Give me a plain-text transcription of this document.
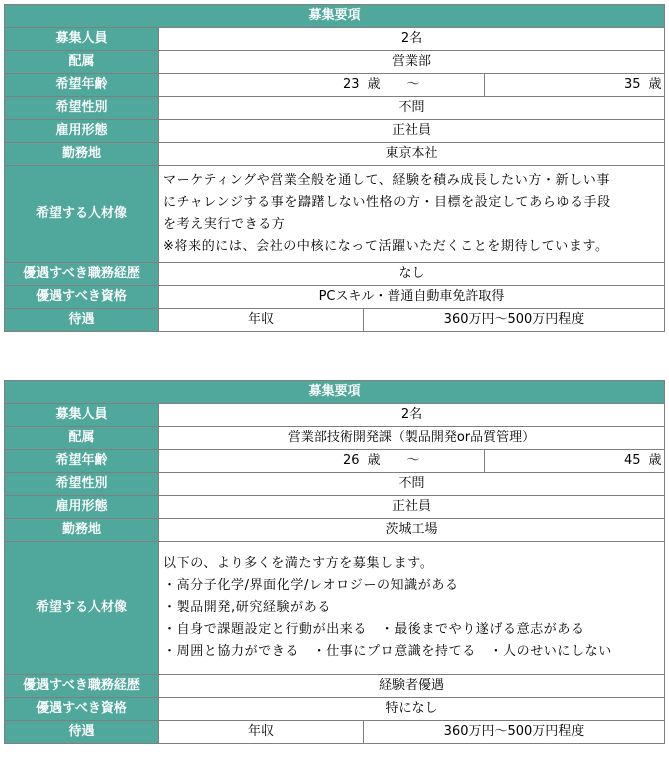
募集要項				
募集人員	2名			
配属	営業部			
希望年齢	23	歳 ～	35	歳
希望性別	不問			
雇用形態	正社員			
勤務地	東京本社			
希望する人材像	マーケティングや営業全般を通して、経験を積み成長したい方・新しい事
にチャレンジする事を躊躇しない性格の方・目標を設定してあらゆる手段
を考え実行できる方
※将来的には、会社の中核になって活躍いただくことを期待しています。			

優遇すべき職務経歴	なし			
優遇すべき資格	PCスキル・普通自動車免許取得			
待遇	年収	360万円～500万円程度		
募集要項				
募集人員	2名			
配属	営業部技術開発課（製品開発or品質管理）			
希望年齢	26	歳 ～	45	歳
希望性別	不問			
雇用形態	正社員			
勤務地	茨城工場			
希望する人材像	以下の、より多くを満たす方を募集します。
・高分子化学/界面化学/レオロジーの知識がある
・製品開発,研究経験がある
・自身で課題設定と行動が出来る　・最後までやり遂げる意志がある
・周囲と協力ができる　・仕事にプロ意識を持てる　・人のせいにしない			

優遇すべき職務経歴	経験者優遇			
優遇すべき資格	特になし			
待遇	年収	360万円～500万円程度		
